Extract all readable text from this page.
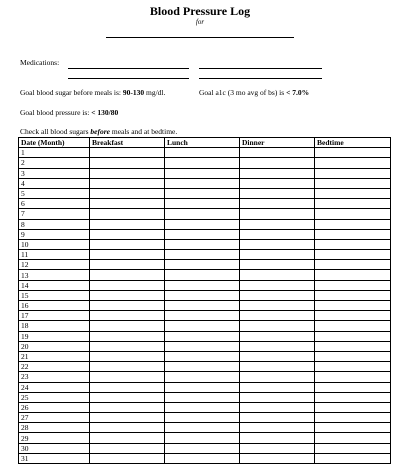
Blood Pressure Log
for
Medications:
Goal blood sugar before meals is: 90-130 mg/dl.	Goal a1c (3 mo avg of bs) is < 7.0%
Goal blood pressure is: < 130/80
Check all blood sugars before meals and at bedtime.
Date (Month)	Breakfast	Lunch	Dinner	Bedtime
1				
2				
3				
4				
5				
6				
7				
8				
9				
10				
11				
12				
13				
14				
15				
16				
17				
18				
19				
20				
21				
22				
23				
24				
25				
26				
27				
28				
29				
30				
31				
